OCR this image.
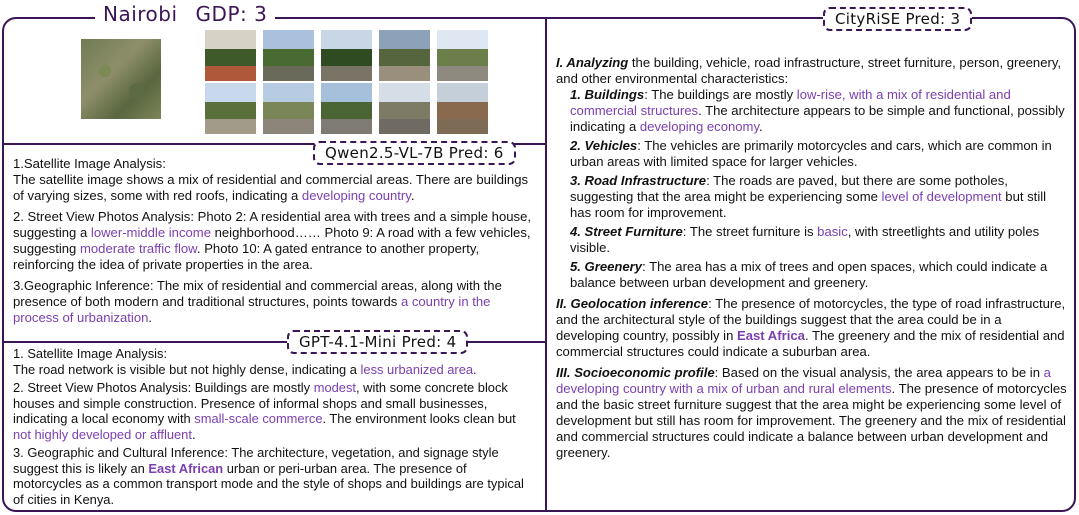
Nairobi GDP: 3
Qwen2.5-VL-7B Pred: 6

1.Satellite Image Analysis:
The satellite image shows a mix of residential and commercial areas. There are buildings of varying sizes, some with red roofs, indicating a developing country.

2. Street View Photos Analysis: Photo 2: A residential area with trees and a simple house, suggesting a lower-middle income neighborhood…… Photo 9: A road with a few vehicles, suggesting moderate traffic flow. Photo 10: A gated entrance to another property, reinforcing the idea of private properties in the area.

3.Geographic Inference: The mix of residential and commercial areas, along with the presence of both modern and traditional structures, points towards a country in the process of urbanization.

GPT-4.1-Mini Pred: 4

1. Satellite Image Analysis:
The road network is visible but not highly dense, indicating a less urbanized area.

2. Street View Photos Analysis: Buildings are mostly modest, with some concrete block houses and simple construction. Presence of informal shops and small businesses, indicating a local economy with small-scale commerce. The environment looks clean but not highly developed or affluent.

3. Geographic and Cultural Inference: The architecture, vegetation, and signage style suggest this is likely an East African urban or peri-urban area. The presence of motorcycles as a common transport mode and the style of shops and buildings are typical of cities in Kenya.

CityRiSE Pred: 3

I. Analyzing the building, vehicle, road infrastructure, street furniture, person, greenery, and other environmental characteristics:

1. Buildings: The buildings are mostly low-rise, with a mix of residential and commercial structures. The architecture appears to be simple and functional, possibly indicating a developing economy.

2. Vehicles: The vehicles are primarily motorcycles and cars, which are common in urban areas with limited space for larger vehicles.

3. Road Infrastructure: The roads are paved, but there are some potholes, suggesting that the area might be experiencing some level of development but still has room for improvement.

4. Street Furniture: The street furniture is basic, with streetlights and utility poles visible.

5. Greenery: The area has a mix of trees and open spaces, which could indicate a balance between urban development and greenery.

II. Geolocation inference: The presence of motorcycles, the type of road infrastructure, and the architectural style of the buildings suggest that the area could be in a developing country, possibly in East Africa. The greenery and the mix of residential and commercial structures could indicate a suburban area.

III. Socioeconomic profile: Based on the visual analysis, the area appears to be in a developing country with a mix of urban and rural elements. The presence of motorcycles and the basic street furniture suggest that the area might be experiencing some level of development but still has room for improvement. The greenery and the mix of residential and commercial structures could indicate a balance between urban development and greenery.
